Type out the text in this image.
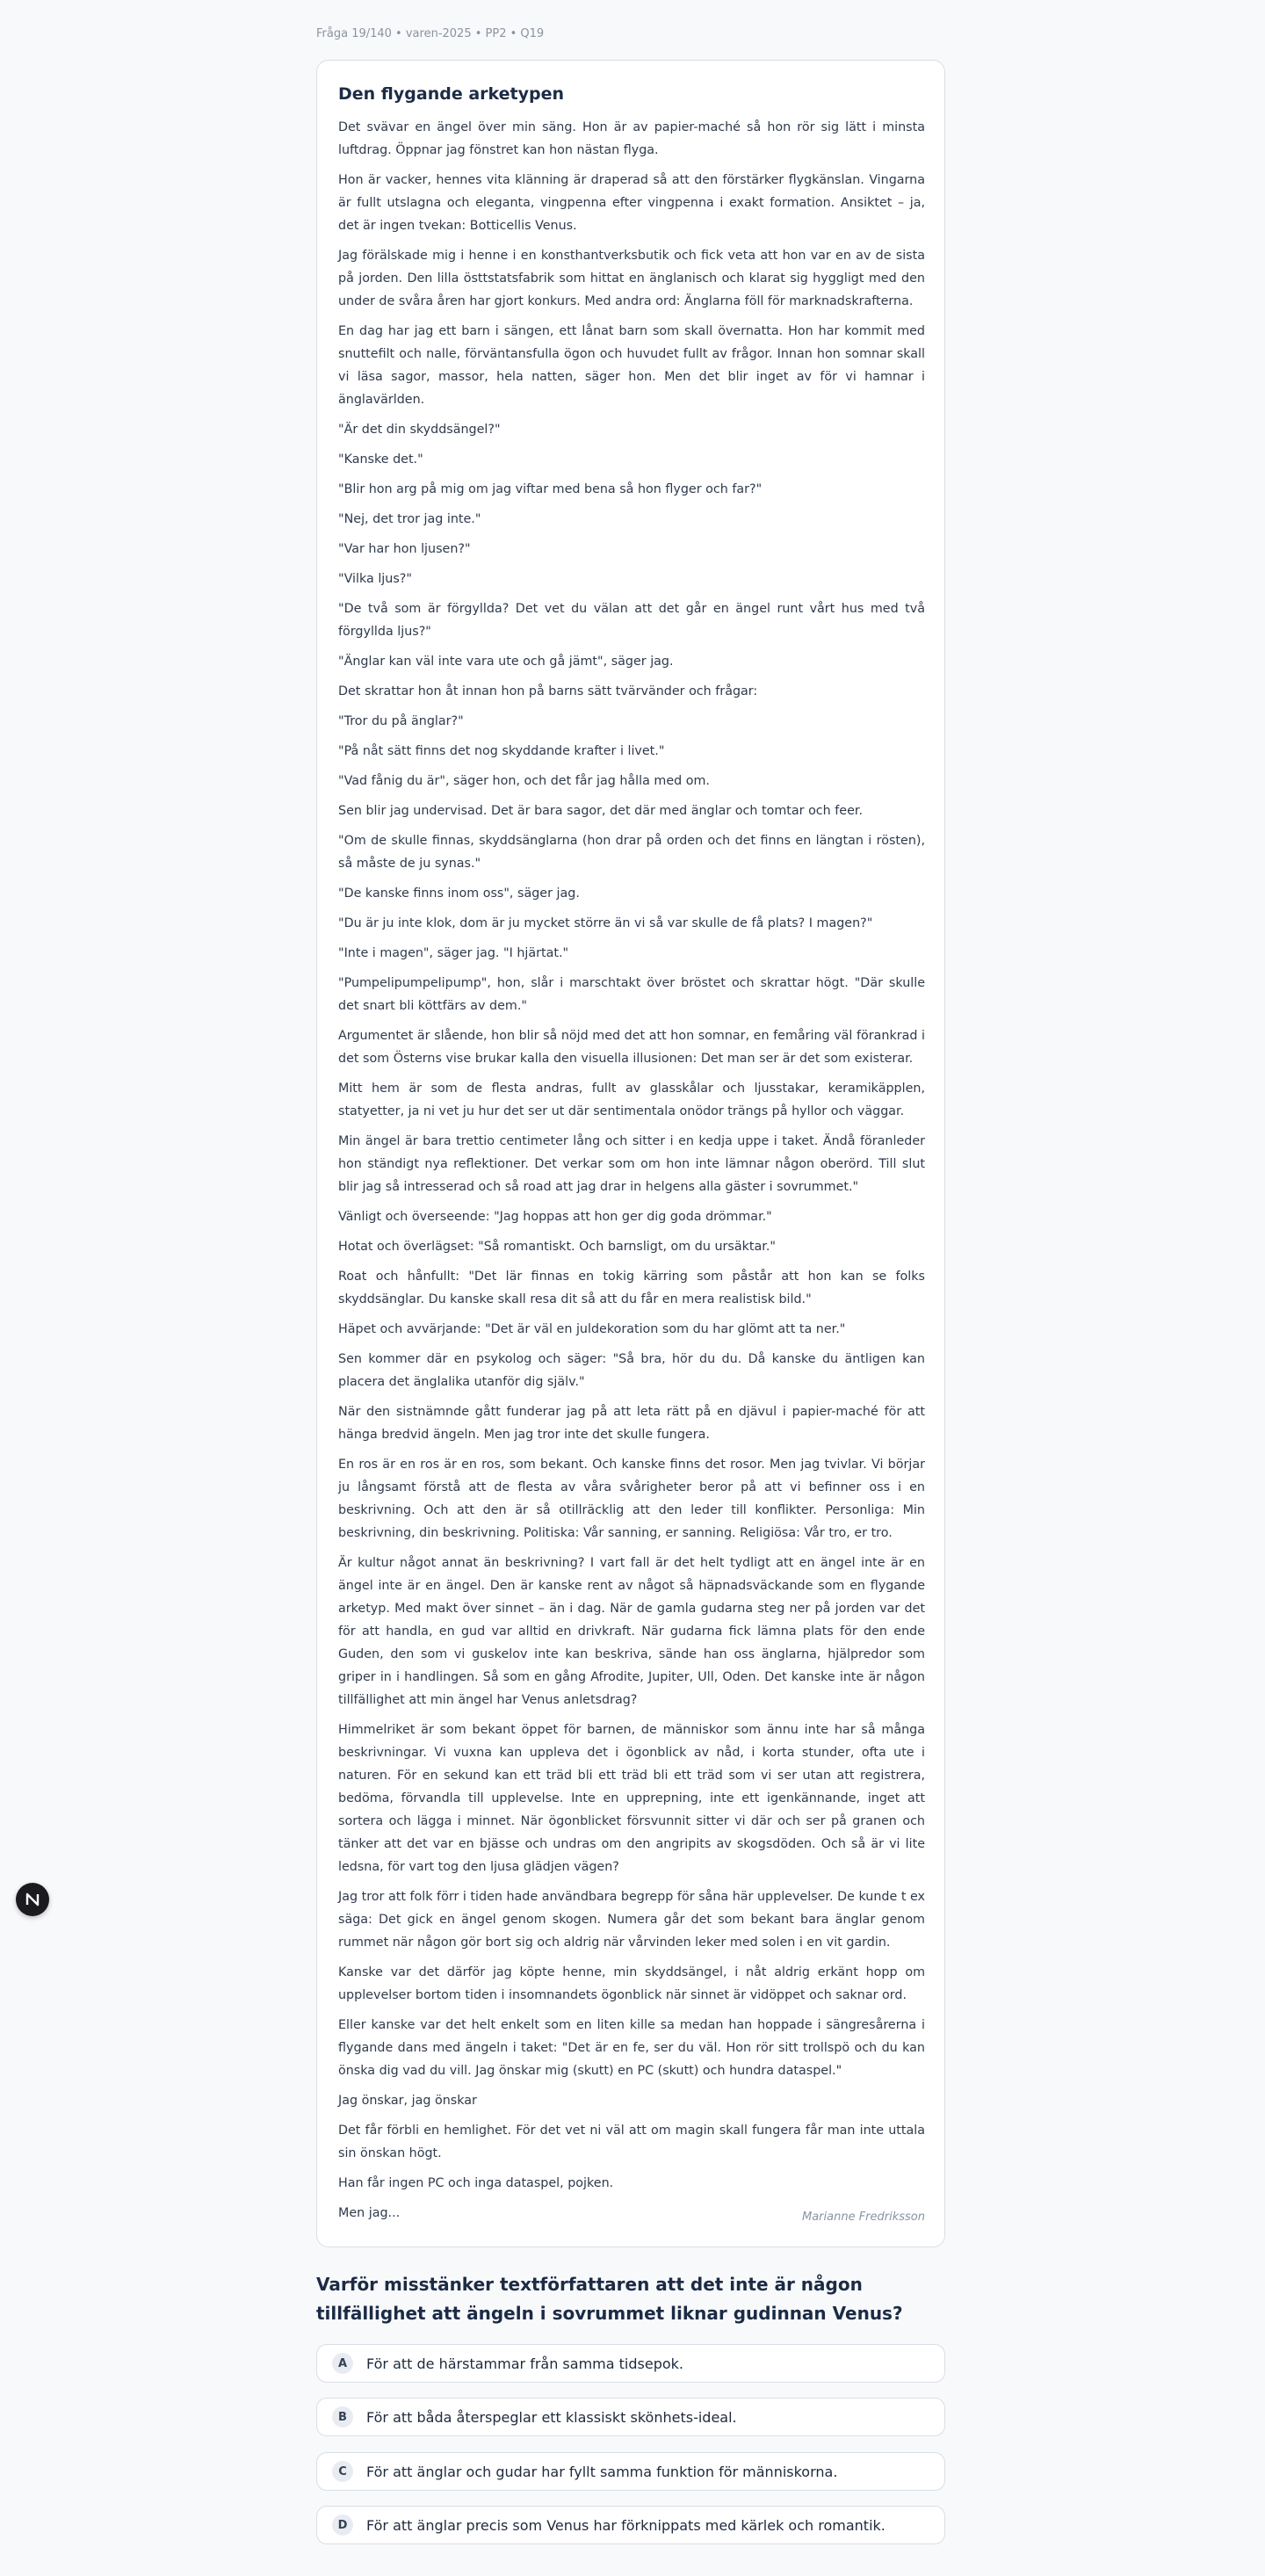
Fråga 19/140 • varen-2025 • PP2 • Q19
Den flygande arketypen

Det svävar en ängel över min säng. Hon är av papier-maché så hon rör sig lätt i minsta luftdrag. Öppnar jag fönstret kan hon nästan flyga.

Hon är vacker, hennes vita klänning är draperad så att den förstärker flygkänslan. Vingarna är fullt utslagna och eleganta, vingpenna efter vingpenna i exakt formation. Ansiktet – ja, det är ingen tvekan: Botticellis Venus.

Jag förälskade mig i henne i en konsthantverksbutik och fick veta att hon var en av de sista på jorden. Den lilla östtstatsfabrik som hittat en änglanisch och klarat sig hyggligt med den under de svåra åren har gjort konkurs. Med andra ord: Änglarna föll för marknadskrafterna.

En dag har jag ett barn i sängen, ett lånat barn som skall övernatta. Hon har kommit med snuttefilt och nalle, förväntansfulla ögon och huvudet fullt av frågor. Innan hon somnar skall vi läsa sagor, massor, hela natten, säger hon. Men det blir inget av för vi hamnar i änglavärlden.

"Är det din skyddsängel?"

"Kanske det."

"Blir hon arg på mig om jag viftar med bena så hon flyger och far?"

"Nej, det tror jag inte."

"Var har hon ljusen?"

"Vilka ljus?"

"De två som är förgyllda? Det vet du välan att det går en ängel runt vårt hus med två förgyllda ljus?"

"Änglar kan väl inte vara ute och gå jämt", säger jag.

Det skrattar hon åt innan hon på barns sätt tvärvänder och frågar:

"Tror du på änglar?"

"På nåt sätt finns det nog skyddande krafter i livet."

"Vad fånig du är", säger hon, och det får jag hålla med om.

Sen blir jag undervisad. Det är bara sagor, det där med änglar och tomtar och feer.

"Om de skulle finnas, skyddsänglarna (hon drar på orden och det finns en längtan i rösten), så måste de ju synas."

"De kanske finns inom oss", säger jag.

"Du är ju inte klok, dom är ju mycket större än vi så var skulle de få plats? I magen?"

"Inte i magen", säger jag. "I hjärtat."

"Pumpelipumpelipump", hon, slår i marschtakt över bröstet och skrattar högt. "Där skulle det snart bli köttfärs av dem."

Argumentet är slående, hon blir så nöjd med det att hon somnar, en femåring väl förankrad i det som Österns vise brukar kalla den visuella illusionen: Det man ser är det som existerar.

Mitt hem är som de flesta andras, fullt av glasskålar och ljusstakar, keramikäpplen, statyetter, ja ni vet ju hur det ser ut där sentimentala onödor trängs på hyllor och väggar.

Min ängel är bara trettio centimeter lång och sitter i en kedja uppe i taket. Ändå föranleder hon ständigt nya reflektioner. Det verkar som om hon inte lämnar någon oberörd. Till slut blir jag så intresserad och så road att jag drar in helgens alla gäster i sovrummet."

Vänligt och överseende: "Jag hoppas att hon ger dig goda drömmar."

Hotat och överlägset: "Så romantiskt. Och barnsligt, om du ursäktar."

Roat och hånfullt: "Det lär finnas en tokig kärring som påstår att hon kan se folks skyddsänglar. Du kanske skall resa dit så att du får en mera realistisk bild."

Häpet och avvärjande: "Det är väl en juldekoration som du har glömt att ta ner."

Sen kommer där en psykolog och säger: "Så bra, hör du du. Då kanske du äntligen kan placera det änglalika utanför dig själv."

När den sistnämnde gått funderar jag på att leta rätt på en djävul i papier-maché för att hänga bredvid ängeln. Men jag tror inte det skulle fungera.

En ros är en ros är en ros, som bekant. Och kanske finns det rosor. Men jag tvivlar. Vi börjar ju långsamt förstå att de flesta av våra svårigheter beror på att vi befinner oss i en beskrivning. Och att den är så otillräcklig att den leder till konflikter. Personliga: Min beskrivning, din beskrivning. Politiska: Vår sanning, er sanning. Religiösa: Vår tro, er tro.

Är kultur något annat än beskrivning? I vart fall är det helt tydligt att en ängel inte är en ängel inte är en ängel. Den är kanske rent av något så häpnadsväckande som en flygande arketyp. Med makt över sinnet – än i dag. När de gamla gudarna steg ner på jorden var det för att handla, en gud var alltid en drivkraft. När gudarna fick lämna plats för den ende Guden, den som vi guskelov inte kan beskriva, sände han oss änglarna, hjälpredor som griper in i handlingen. Så som en gång Afrodite, Jupiter, Ull, Oden. Det kanske inte är någon tillfällighet att min ängel har Venus anletsdrag?

Himmelriket är som bekant öppet för barnen, de människor som ännu inte har så många beskrivningar. Vi vuxna kan uppleva det i ögonblick av nåd, i korta stunder, ofta ute i naturen. För en sekund kan ett träd bli ett träd bli ett träd som vi ser utan att registrera, bedöma, förvandla till upplevelse. Inte en upprepning, inte ett igenkännande, inget att sortera och lägga i minnet. När ögonblicket försvunnit sitter vi där och ser på granen och tänker att det var en bjässe och undras om den angripits av skogsdöden. Och så är vi lite ledsna, för vart tog den ljusa glädjen vägen?

Jag tror att folk förr i tiden hade användbara begrepp för såna här upplevelser. De kunde t ex säga: Det gick en ängel genom skogen. Numera går det som bekant bara änglar genom rummet när någon gör bort sig och aldrig när vårvinden leker med solen i en vit gardin.

Kanske var det därför jag köpte henne, min skyddsängel, i nåt aldrig erkänt hopp om upplevelser bortom tiden i insomnandets ögonblick när sinnet är vidöppet och saknar ord.

Eller kanske var det helt enkelt som en liten kille sa medan han hoppade i sängresårerna i flygande dans med ängeln i taket: "Det är en fe, ser du väl. Hon rör sitt trollspö och du kan önska dig vad du vill. Jag önskar mig (skutt) en PC (skutt) och hundra dataspel."

Jag önskar, jag önskar

Det får förbli en hemlighet. För det vet ni väl att om magin skall fungera får man inte uttala sin önskan högt.

Han får ingen PC och inga dataspel, pojken.

Men jag...	Marianne Fredriksson
Varför misstänker textförfattaren att det inte är någon tillfällighet att ängeln i sovrummet liknar gudinnan Venus?
A	För att de härstammar från samma tidsepok.
B	För att båda återspeglar ett klassiskt skönhets-ideal.
C	För att änglar och gudar har fyllt samma funktion för människorna.
D	För att änglar precis som Venus har förknippats med kärlek och romantik.
